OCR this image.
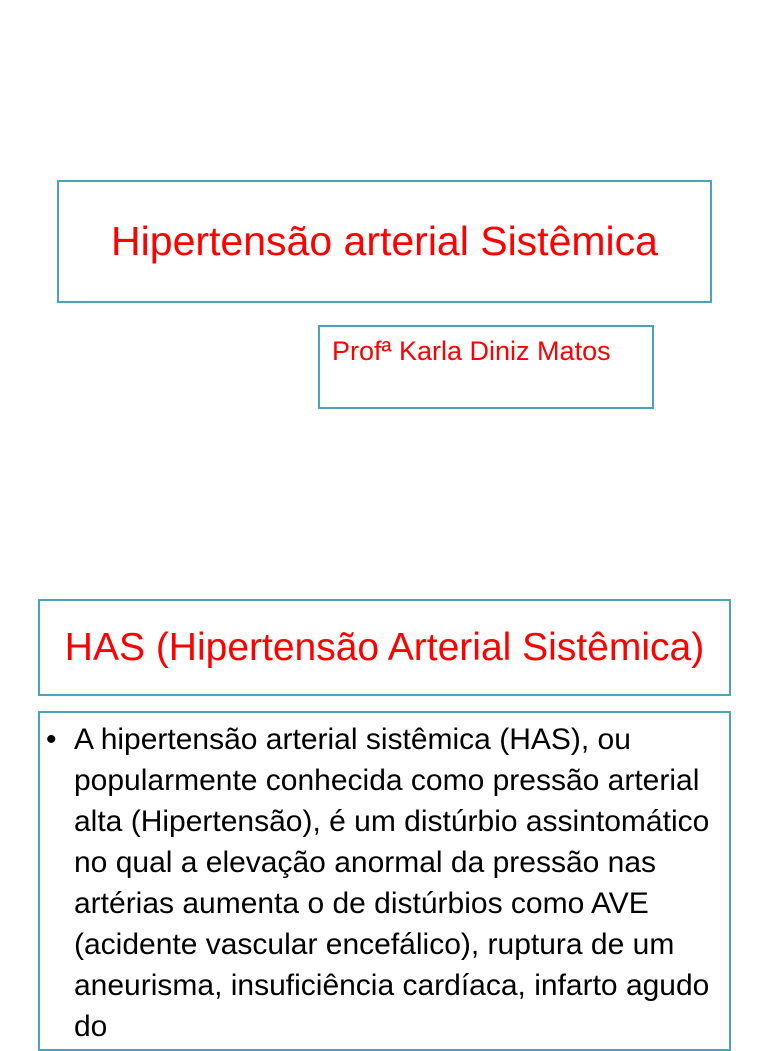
Hipertensão arterial Sistêmica
Profª Karla Diniz Matos

HAS (Hipertensão Arterial Sistêmica)

• A hipertensão arterial sistêmica (HAS), ou popularmente conhecida como pressão arterial alta (Hipertensão), é um distúrbio assintomático no qual a elevação anormal da pressão nas artérias aumenta o de distúrbios como AVE (acidente vascular encefálico), ruptura de um aneurisma, insuficiência cardíaca, infarto agudo do
